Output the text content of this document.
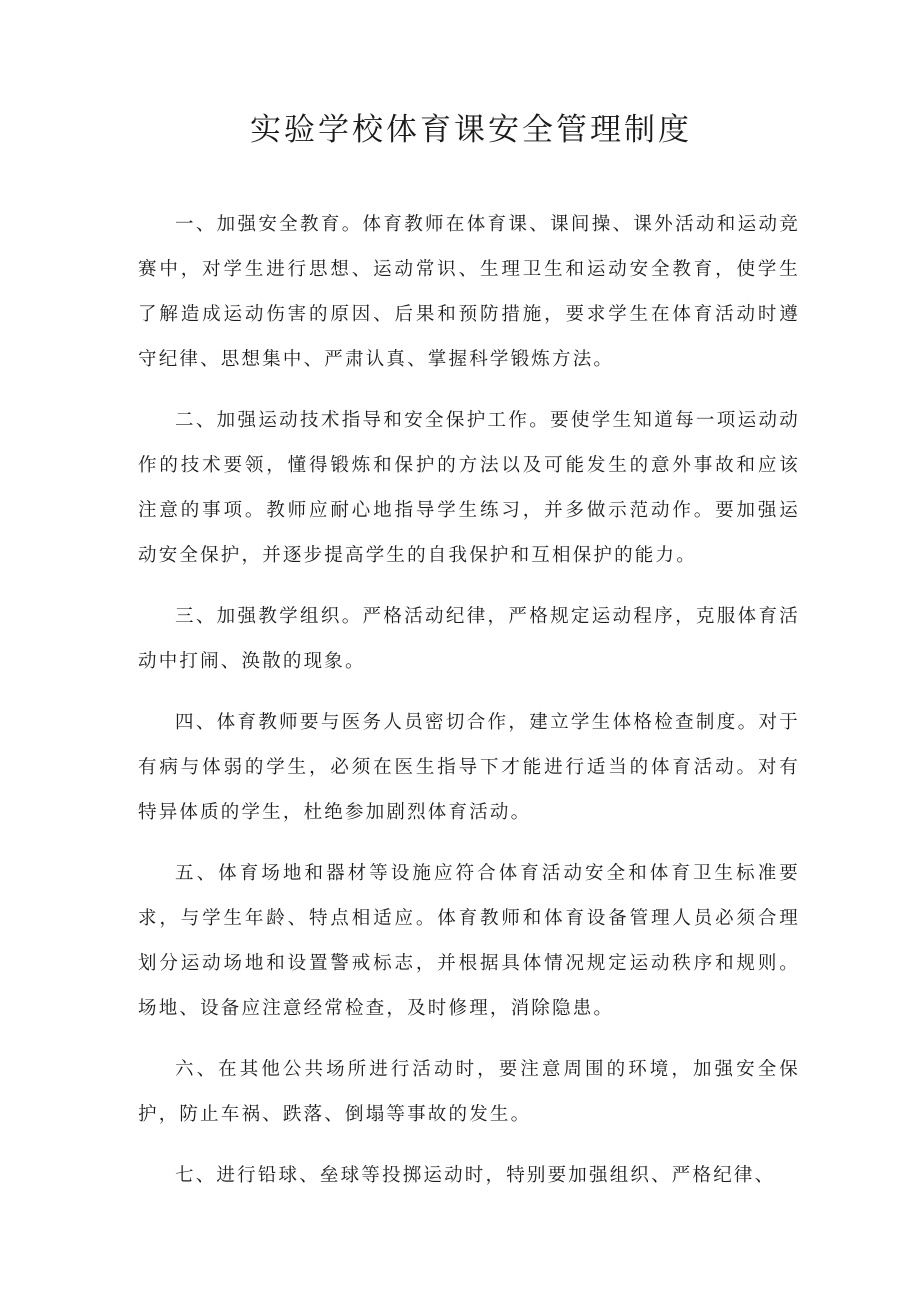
实验学校体育课安全管理制度

一、加强安全教育。体育教师在体育课、课间操、课外活动和运动竞赛中，对学生进行思想、运动常识、生理卫生和运动安全教育，使学生了解造成运动伤害的原因、后果和预防措施，要求学生在体育活动时遵守纪律、思想集中、严肃认真、掌握科学锻炼方法。

二、加强运动技术指导和安全保护工作。要使学生知道每一项运动动作的技术要领，懂得锻炼和保护的方法以及可能发生的意外事故和应该注意的事项。教师应耐心地指导学生练习，并多做示范动作。要加强运动安全保护，并逐步提高学生的自我保护和互相保护的能力。

三、加强教学组织。严格活动纪律，严格规定运动程序，克服体育活动中打闹、涣散的现象。

四、体育教师要与医务人员密切合作，建立学生体格检查制度。对于有病与体弱的学生，必须在医生指导下才能进行适当的体育活动。对有特异体质的学生，杜绝参加剧烈体育活动。

五、体育场地和器材等设施应符合体育活动安全和体育卫生标准要求，与学生年龄、特点相适应。体育教师和体育设备管理人员必须合理划分运动场地和设置警戒标志，并根据具体情况规定运动秩序和规则。场地、设备应注意经常检查，及时修理，消除隐患。

六、在其他公共场所进行活动时，要注意周围的环境，加强安全保护，防止车祸、跌落、倒塌等事故的发生。

七、进行铅球、垒球等投掷运动时，特别要加强组织、严格纪律、
